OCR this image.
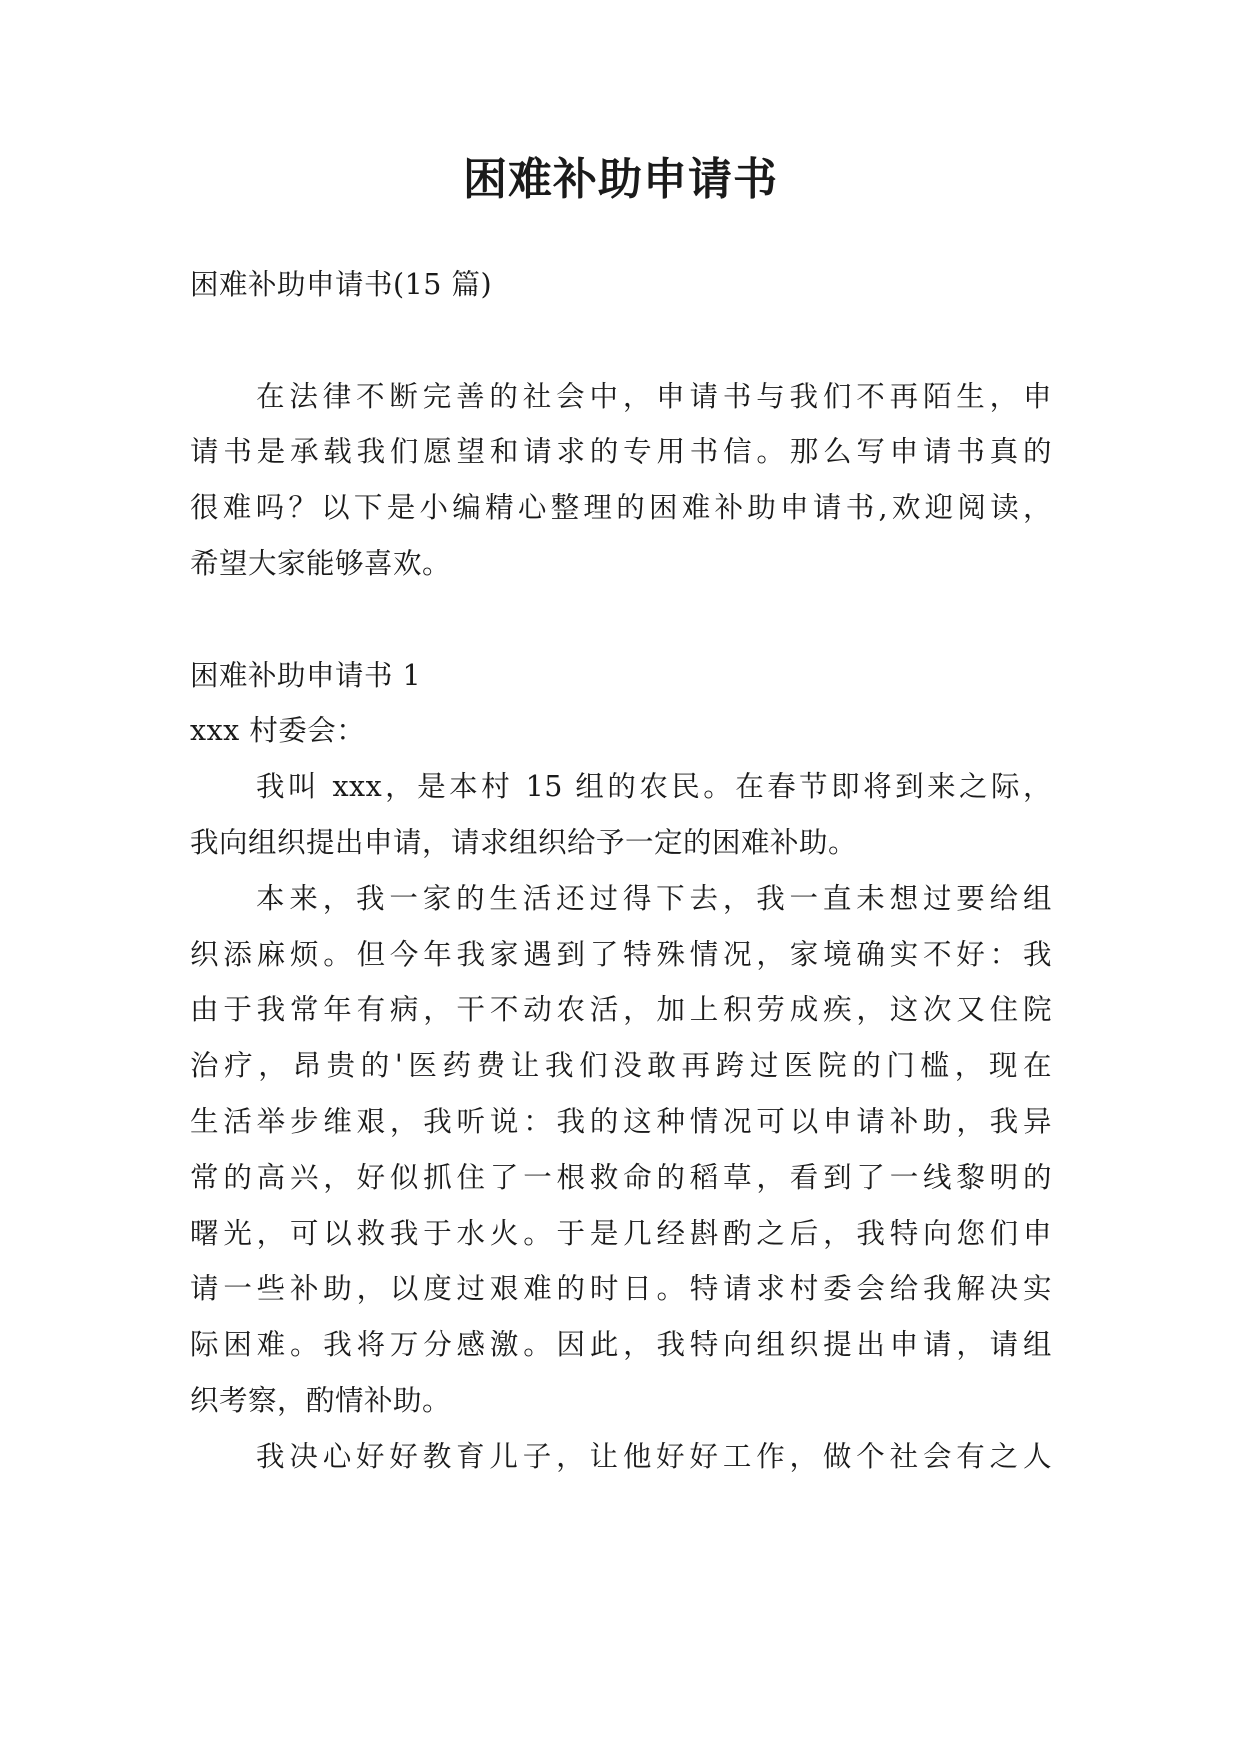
困难补助申请书
困难补助申请书(15 篇)
在法律不断完善的社会中，申请书与我们不再陌生，申
请书是承载我们愿望和请求的专用书信。那么写申请书真的
很难吗？以下是小编精心整理的困难补助申请书,欢迎阅读，
希望大家能够喜欢。
困难补助申请书 1
xxx 村委会：
我叫 xxx，是本村 15 组的农民。在春节即将到来之际，
我向组织提出申请，请求组织给予一定的困难补助。
本来，我一家的生活还过得下去，我一直未想过要给组
织添麻烦。但今年我家遇到了特殊情况，家境确实不好：我
由于我常年有病，干不动农活，加上积劳成疾，这次又住院
治疗，昂贵的'医药费让我们没敢再跨过医院的门槛，现在
生活举步维艰，我听说：我的这种情况可以申请补助，我异
常的高兴，好似抓住了一根救命的稻草，看到了一线黎明的
曙光，可以救我于水火。于是几经斟酌之后，我特向您们申
请一些补助，以度过艰难的时日。特请求村委会给我解决实
际困难。我将万分感激。因此，我特向组织提出申请，请组
织考察，酌情补助。
我决心好好教育儿子，让他好好工作，做个社会有之人
